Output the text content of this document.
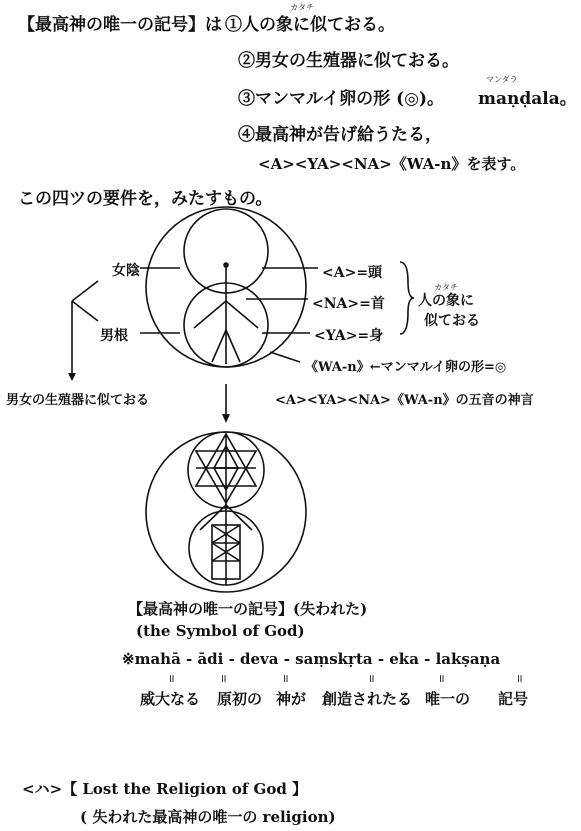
【最高神の唯一の記号】は ①人の象に似ておる。
カタチ
②男女の生殖器に似ておる。
③マンマルイ卵の形 (◎)。 maṇḍala。
マンダラ
④最高神が告げ給うたる，
<A><YA><NA>《WA-n》を表す。
この四ツの要件を，みたすもの。
女陰
男根
<A>=頭
<NA>=首
<YA>=身
人の象に
カタチ
似ておる
《WA-n》←マンマルイ卵の形=◎
男女の生殖器に似ておる	<A><YA><NA>《WA-n》の五音の神言
【最高神の唯一の記号】(失われた)
(the Symbol of God)
※mahā - ādi - deva - saṃskṛta - eka - lakṣaṇa
॥	॥	॥	॥	॥	॥
威大なる 原初の 神が 創造されたる 唯一の 記号
<ハ>【 Lost the Religion of God 】
( 失われた最高神の唯一の religion)
